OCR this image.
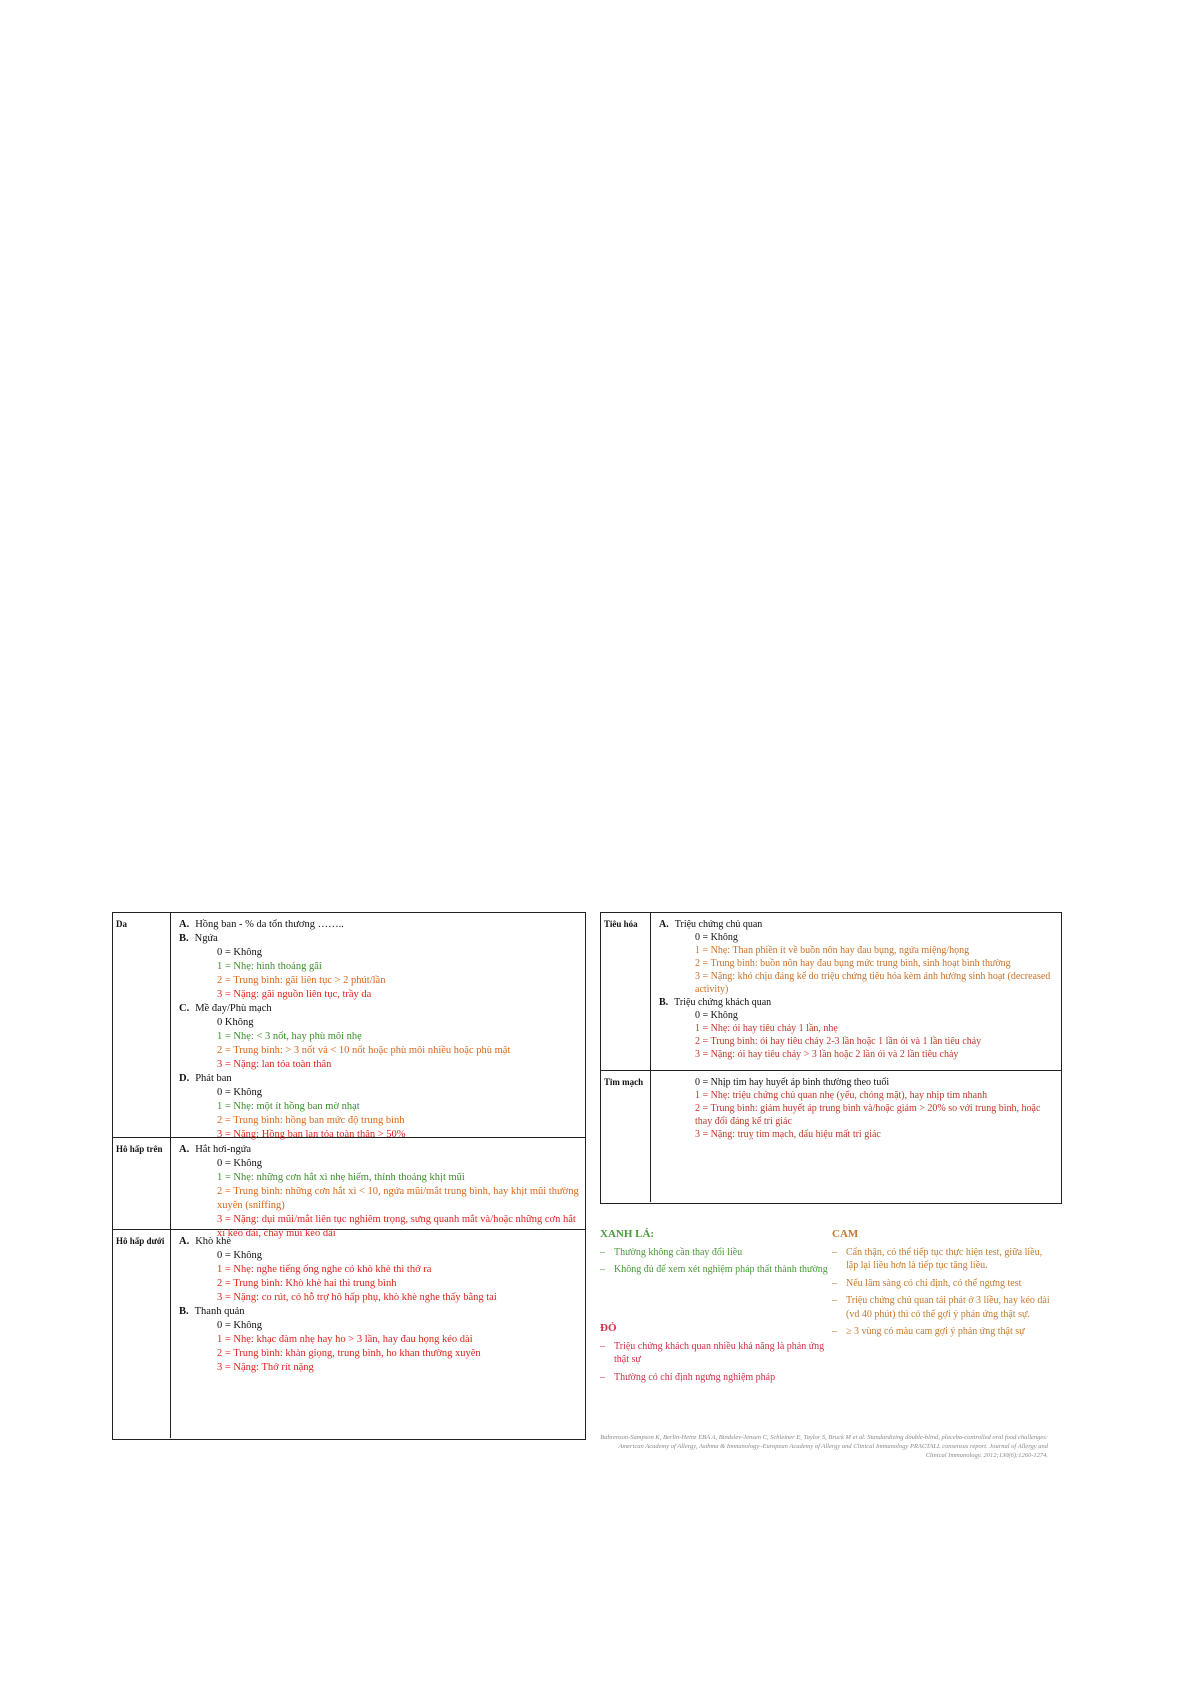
Da	A. Hồng ban - % da tổn thương ……..
B. Ngứa
0 = Không
1 = Nhẹ: hình thoảng gãi
2 = Trung bình: gãi liên tục > 2 phút/lần
3 = Nặng: gãi nguồn liên tục, trầy da
C. Mề đay/Phù mạch
0 Không
1 = Nhẹ: < 3 nốt, hay phù môi nhẹ
2 = Trung bình: > 3 nốt và < 10 nốt hoặc phù môi nhiều hoặc phù mặt
3 = Nặng: lan tỏa toàn thân
D. Phát ban
0 = Không
1 = Nhẹ: một ít hồng ban mờ nhạt
2 = Trung bình: hồng ban mức độ trung bình
3 = Nặng: Hồng ban lan tỏa toàn thân > 50%
Hô hấp trên	A. Hắt hơi-ngứa
0 = Không
1 = Nhẹ: những cơn hắt xì nhẹ hiếm, thỉnh thoảng khịt mũi
2 = Trung bình: những cơn hắt xì < 10, ngứa mũi/mắt trung bình, hay khịt mũi thường xuyên (sniffing)
3 = Nặng: dụi mũi/mắt liên tục nghiêm trọng, sưng quanh mắt và/hoặc những cơn hắt xì kéo dài, chảy mũi kéo dài
Hô hấp dưới	A. Khò khè
0 = Không
1 = Nhẹ: nghe tiếng ống nghe có khò khè thì thở ra
2 = Trung bình: Khò khè hai thì trung bình
3 = Nặng: co rút, có hỗ trợ hô hấp phụ, khò khè nghe thấy bằng tai
B. Thanh quản
0 = Không
1 = Nhẹ: khạc đàm nhẹ hay ho > 3 lần, hay đau họng kéo dài
2 = Trung bình: khàn giọng, trung bình, ho khan thường xuyên
3 = Nặng: Thở rít nặng
Tiêu hóa	A. Triệu chứng chủ quan
0 = Không
1 = Nhẹ: Than phiền ít về buồn nôn hay đau bụng, ngứa miệng/họng
2 = Trung bình: buồn nôn hay đau bụng mức trung bình, sinh hoạt bình thường
3 = Nặng: khó chịu đáng kể do triệu chứng tiêu hóa kèm ảnh hưởng sinh hoạt (decreased activity)
B. Triệu chứng khách quan
0 = Không
1 = Nhẹ: ói hay tiêu chảy 1 lần, nhẹ
2 = Trung bình: ói hay tiêu chảy 2-3 lần hoặc 1 lần ói và 1 lần tiêu chảy
3 = Nặng: ói hay tiêu chảy > 3 lần hoặc 2 lần ói và 2 lần tiêu chảy
Tim mạch	0 = Nhịp tim hay huyết áp bình thường theo tuổi
1 = Nhẹ: triệu chứng chủ quan nhẹ (yếu, chóng mặt), hay nhịp tim nhanh
2 = Trung bình: giảm huyết áp trung bình và/hoặc giảm > 20% so với trung bình, hoặc thay đổi đáng kể tri giác
3 = Nặng: truỵ tim mạch, dấu hiệu mất tri giác
XANH LÁ:
– Thường không cần thay đổi liều
– Không đủ để xem xét nghiệm pháp thất thành thường
ĐỎ
– Triệu chứng khách quan nhiều khả năng là phản ứng thật sự
– Thường có chỉ định ngưng nghiệm pháp
CAM
– Cẩn thận, có thể tiếp tục thực hiện test, giữa liều, lặp lại liều hơn là tiếp tục tăng liều.
– Nếu lâm sàng có chỉ định, có thể ngưng test
– Triệu chứng chủ quan tái phát ở 3 liều, hay kéo dài (vd 40 phút) thì có thể gợi ý phản ứng thật sự.
– ≥ 3 vùng có màu cam gợi ý phản ứng thật sự
Bahrenson-Sampson K, Berlin-Heinz EBA A, Bindslev-Jensen C, Schleiner E, Taylor S, Bruck M et al. Standardizing double-blind, placebo-controlled oral food challenges: American Academy of Allergy, Asthma & Immunology–European Academy of Allergy and Clinical Immunology PRACTALL consensus report. Journal of Allergy and Clinical Immunology. 2012;130(6):1260-1274.
